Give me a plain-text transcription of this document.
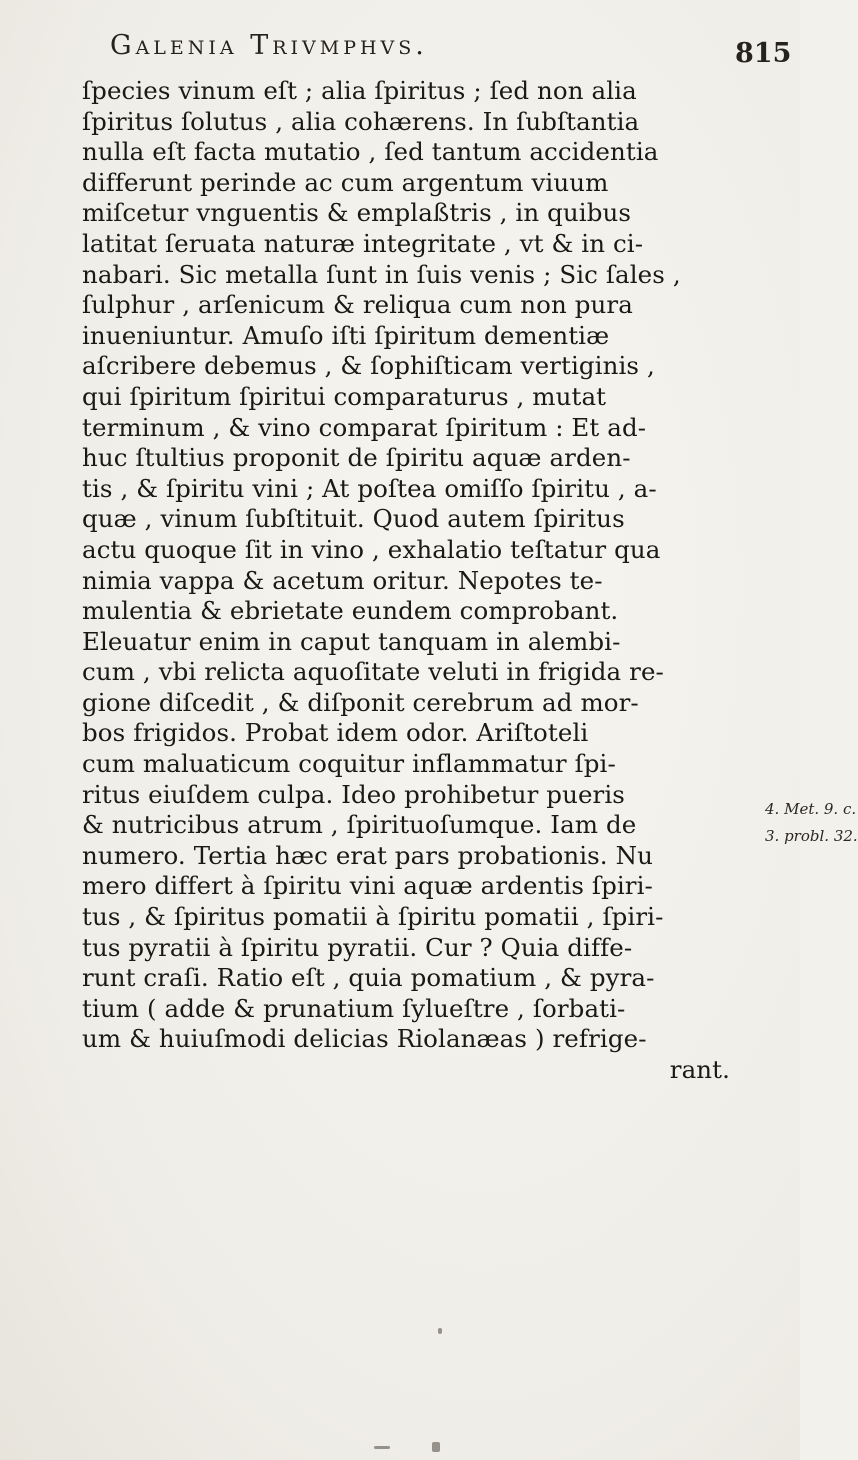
Galenia Trivmphvs.	815
ſpecies vinum eſt ; alia ſpiritus ; ſed non alia
ſpiritus ſolutus , alia cohærens. In ſubſtantia
nulla eſt facta mutatio , ſed tantum accidentia
differunt perinde ac cum argentum viuum
miſcetur vnguentis & emplaßtris , in quibus
latitat ſeruata naturæ integritate , vt & in ci-
nabari. Sic metalla ſunt in ſuis venis ; Sic ſales ,
ſulphur , arſenicum & reliqua cum non pura
inueniuntur. Amuſo iſti ſpiritum dementiæ
aſcribere debemus , & ſophiſticam vertiginis ,
qui ſpiritum ſpiritui comparaturus , mutat
terminum , & vino comparat ſpiritum : Et ad-
huc ſtultius proponit de ſpiritu aquæ arden-
tis , & ſpiritu vini ; At poſtea omiſſo ſpiritu , a-
quæ , vinum ſubſtituit. Quod autem ſpiritus
actu quoque ſit in vino , exhalatio teſtatur qua
nimia vappa & acetum oritur. Nepotes te-
mulentia & ebrietate eundem comprobant.
Eleuatur enim in caput tanquam in alembi-
cum , vbi relicta aquoſitate veluti in frigida re-
gione diſcedit , & diſponit cerebrum ad mor-
bos frigidos. Probat idem odor. Ariſtoteli
cum maluaticum coquitur inflammatur ſpi-
ritus eiuſdem culpa. Ideo prohibetur pueris
& nutricibus atrum , ſpirituoſumque. Iam de
numero. Tertia hæc erat pars probationis. Nu
mero differt à ſpiritu vini aquæ ardentis ſpiri-
tus , & ſpiritus pomatii à ſpiritu pomatii , ſpiri-
tus pyratii à ſpiritu pyratii. Cur ? Quia diffe-
runt craſi. Ratio eſt , quia pomatium , & pyra-
tium ( adde & prunatium ſylueſtre , ſorbati-
um & huiuſmodi delicias Riolanæas ) refrige-
rant.
4. Met. 9. c.
3. probl. 32.
